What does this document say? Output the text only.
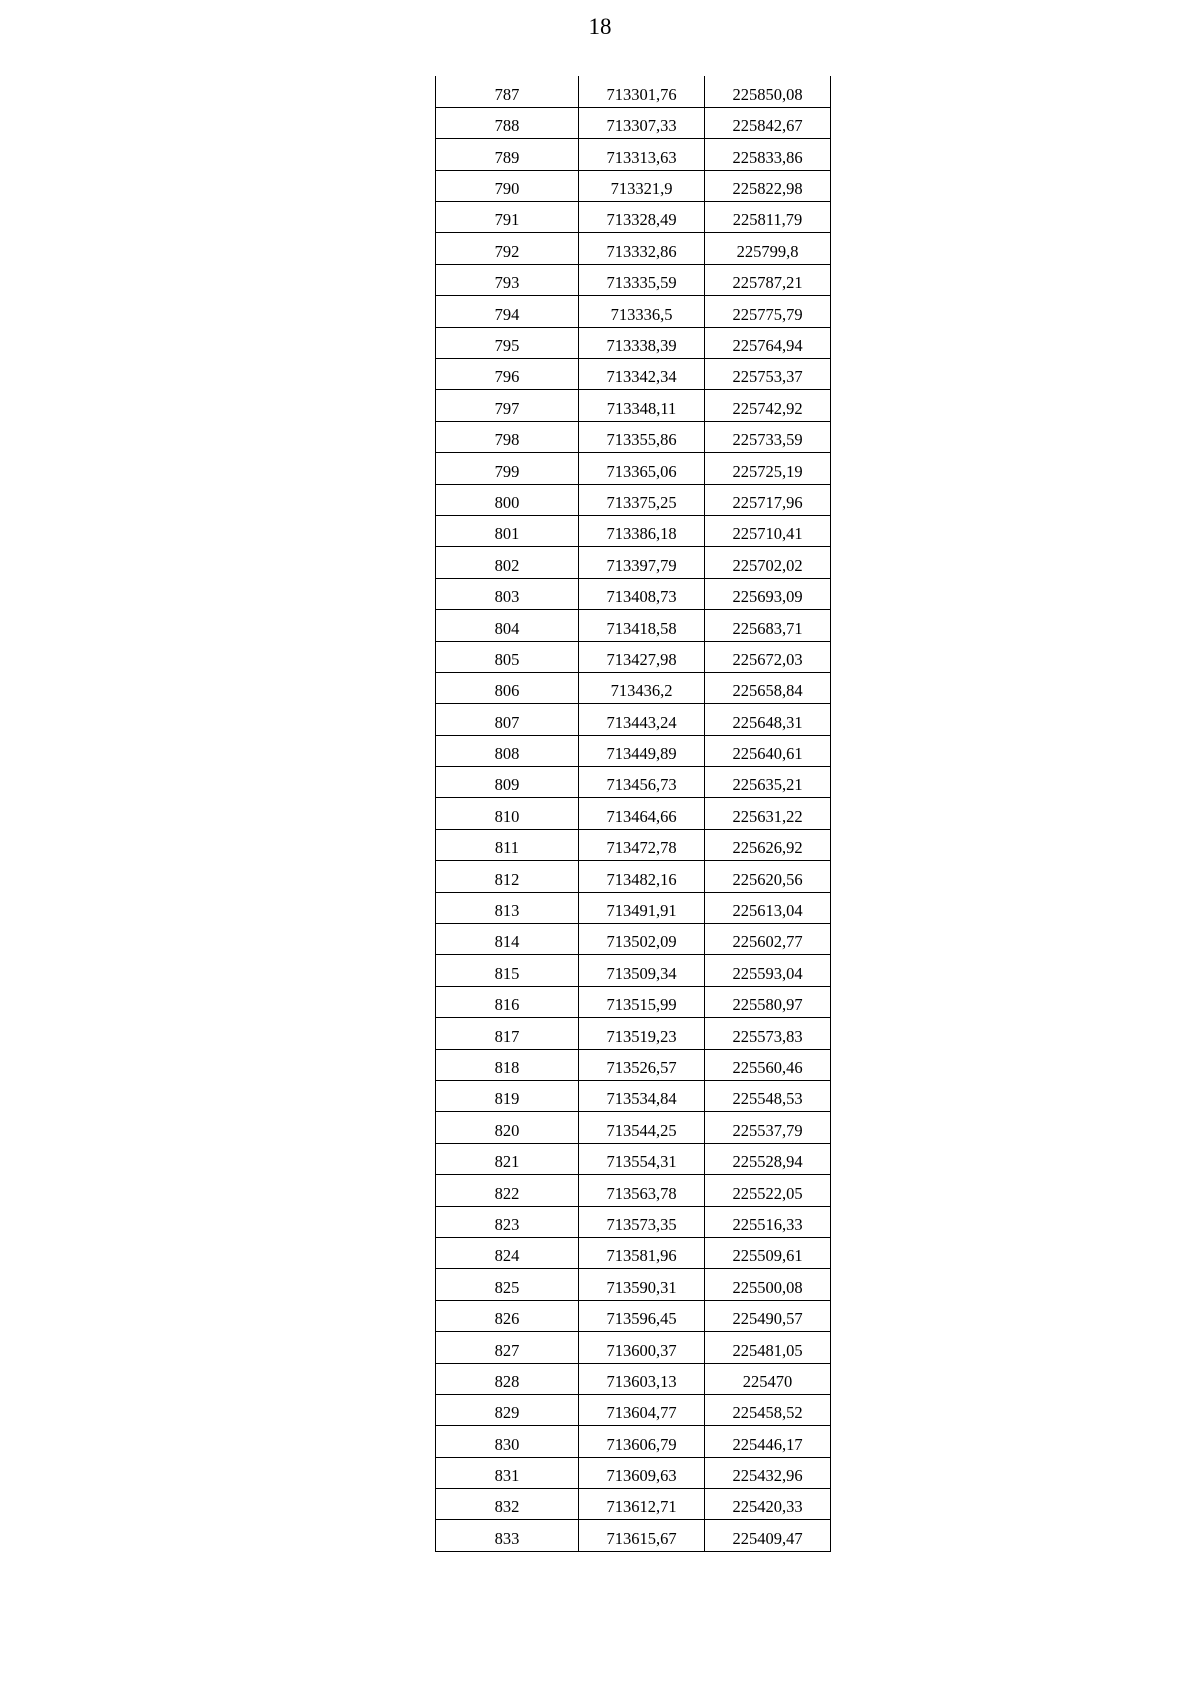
18
787	713301,76	225850,08
788	713307,33	225842,67
789	713313,63	225833,86
790	713321,9	225822,98
791	713328,49	225811,79
792	713332,86	225799,8
793	713335,59	225787,21
794	713336,5	225775,79
795	713338,39	225764,94
796	713342,34	225753,37
797	713348,11	225742,92
798	713355,86	225733,59
799	713365,06	225725,19
800	713375,25	225717,96
801	713386,18	225710,41
802	713397,79	225702,02
803	713408,73	225693,09
804	713418,58	225683,71
805	713427,98	225672,03
806	713436,2	225658,84
807	713443,24	225648,31
808	713449,89	225640,61
809	713456,73	225635,21
810	713464,66	225631,22
811	713472,78	225626,92
812	713482,16	225620,56
813	713491,91	225613,04
814	713502,09	225602,77
815	713509,34	225593,04
816	713515,99	225580,97
817	713519,23	225573,83
818	713526,57	225560,46
819	713534,84	225548,53
820	713544,25	225537,79
821	713554,31	225528,94
822	713563,78	225522,05
823	713573,35	225516,33
824	713581,96	225509,61
825	713590,31	225500,08
826	713596,45	225490,57
827	713600,37	225481,05
828	713603,13	225470
829	713604,77	225458,52
830	713606,79	225446,17
831	713609,63	225432,96
832	713612,71	225420,33
833	713615,67	225409,47
